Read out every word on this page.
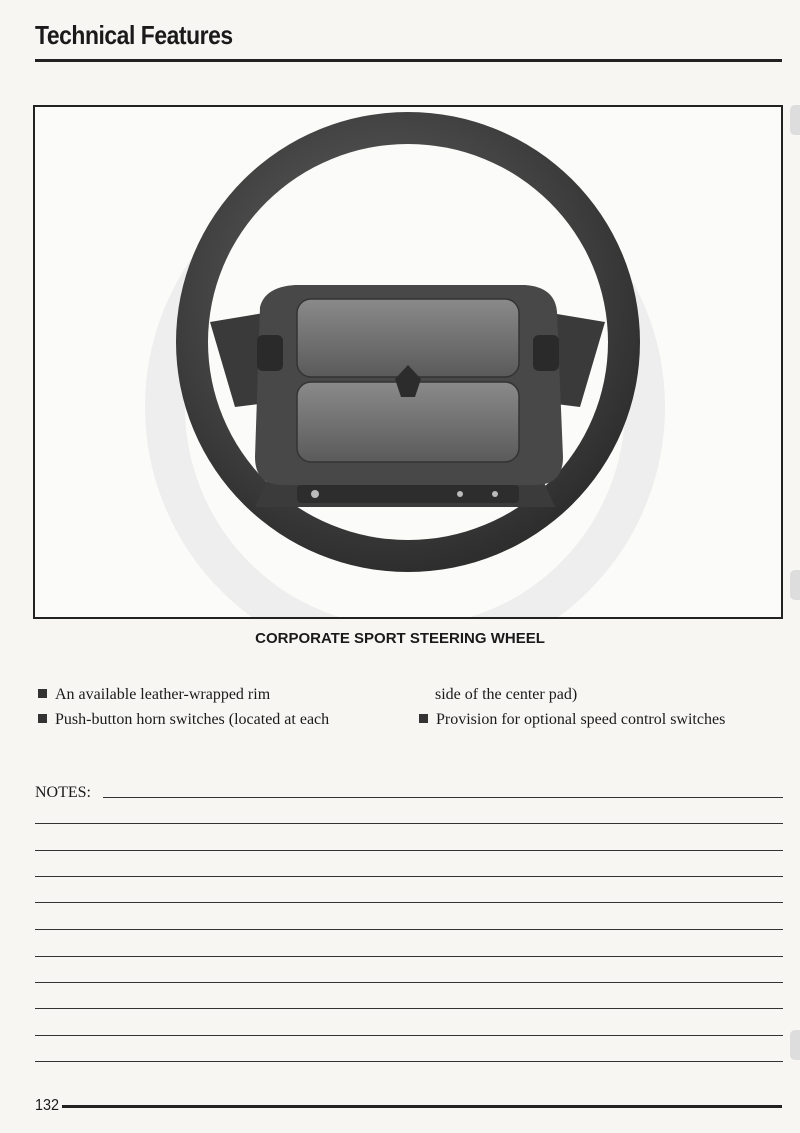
Technical Features
CORPORATE SPORT STEERING WHEEL
An available leather-wrapped rim
Push-button horn switches (located at each
side of the center pad)
Provision for optional speed control switches
NOTES:
132
